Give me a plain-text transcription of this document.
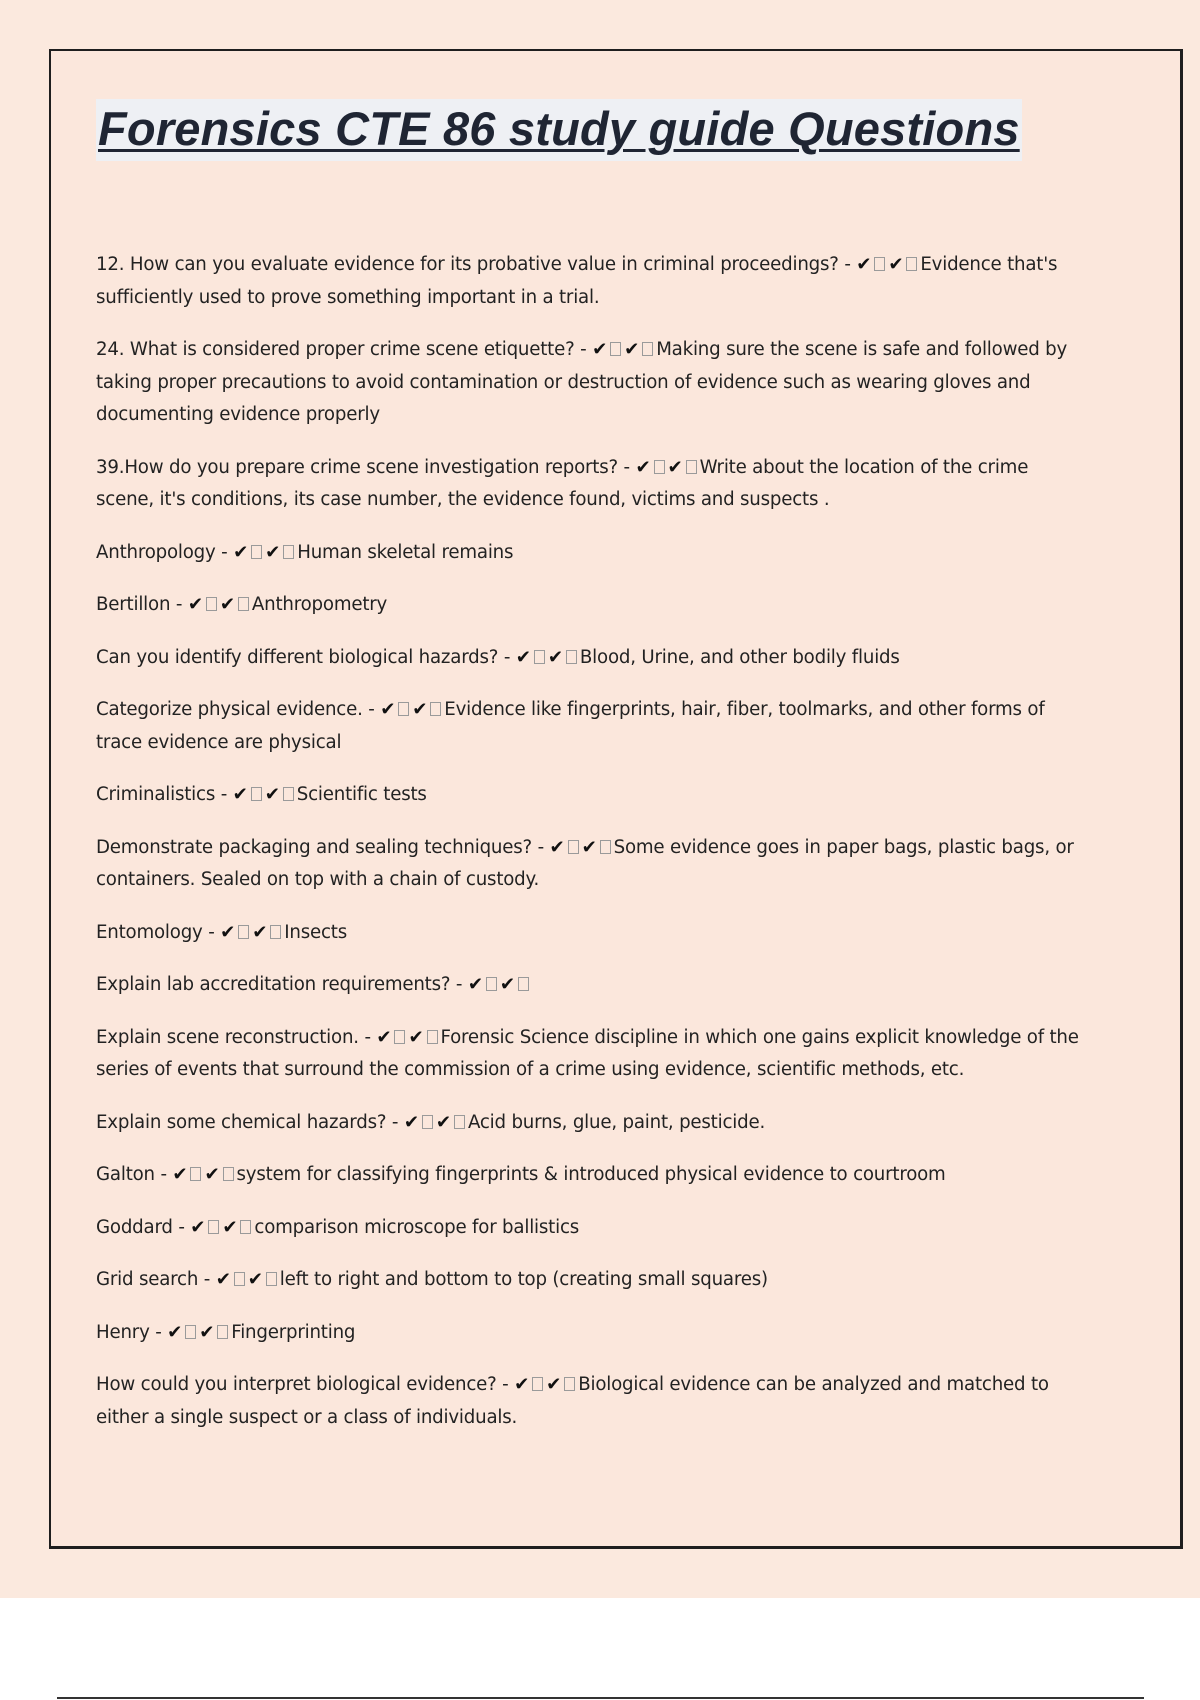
Forensics CTE 86 study guide Questions
12. How can you evaluate evidence for its probative value in criminal proceedings? - ✔ ✔ Evidence that's sufficiently used to prove something important in a trial.
24. What is considered proper crime scene etiquette? - ✔ ✔ Making sure the scene is safe and followed by taking proper precautions to avoid contamination or destruction of evidence such as wearing gloves and documenting evidence properly
39.How do you prepare crime scene investigation reports? - ✔ ✔ Write about the location of the crime scene, it's conditions, its case number, the evidence found, victims and suspects .
Anthropology - ✔ ✔ Human skeletal remains
Bertillon - ✔ ✔ Anthropometry
Can you identify different biological hazards? - ✔ ✔ Blood, Urine, and other bodily fluids
Categorize physical evidence. - ✔ ✔ Evidence like fingerprints, hair, fiber, toolmarks, and other forms of trace evidence are physical
Criminalistics - ✔ ✔ Scientific tests
Demonstrate packaging and sealing techniques? - ✔ ✔ Some evidence goes in paper bags, plastic bags, or containers. Sealed on top with a chain of custody.
Entomology - ✔ ✔ Insects
Explain lab accreditation requirements? - ✔ ✔
Explain scene reconstruction. - ✔ ✔ Forensic Science discipline in which one gains explicit knowledge of the series of events that surround the commission of a crime using evidence, scientific methods, etc.
Explain some chemical hazards? - ✔ ✔ Acid burns, glue, paint, pesticide.
Galton - ✔ ✔ system for classifying fingerprints & introduced physical evidence to courtroom
Goddard - ✔ ✔ comparison microscope for ballistics
Grid search - ✔ ✔ left to right and bottom to top (creating small squares)
Henry - ✔ ✔ Fingerprinting
How could you interpret biological evidence? - ✔ ✔ Biological evidence can be analyzed and matched to either a single suspect or a class of individuals.
